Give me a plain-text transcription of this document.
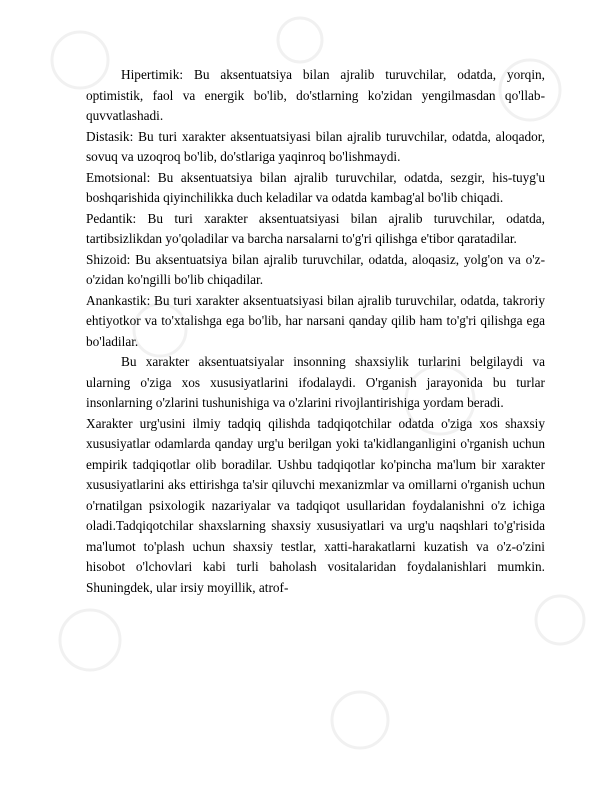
Hipertimik: Bu aksentuatsiya bilan ajralib turuvchilar, odatda, yorqin, optimistik, faol va energik bo'lib, do'stlarning ko'zidan yengilmasdan qo'llab-quvvatlashadi.

Distasik: Bu turi xarakter aksentuatsiyasi bilan ajralib turuvchilar, odatda, aloqador, sovuq va uzoqroq bo'lib, do'stlariga yaqinroq bo'lishmaydi.

Emotsional: Bu aksentuatsiya bilan ajralib turuvchilar, odatda, sezgir, his-tuyg'u boshqarishida qiyinchilikka duch keladilar va odatda kambag'al bo'lib chiqadi.

Pedantik: Bu turi xarakter aksentuatsiyasi bilan ajralib turuvchilar, odatda, tartibsizlikdan yo'qoladilar va barcha narsalarni to'g'ri qilishga e'tibor qaratadilar.

Shizoid: Bu aksentuatsiya bilan ajralib turuvchilar, odatda, aloqasiz, yolg'on va o'z-o'zidan ko'ngilli bo'lib chiqadilar.

Anankastik: Bu turi xarakter aksentuatsiyasi bilan ajralib turuvchilar, odatda, takroriy ehtiyotkor va to'xtalishga ega bo'lib, har narsani qanday qilib ham to'g'ri qilishga ega bo'ladilar.

Bu xarakter aksentuatsiyalar insonning shaxsiylik turlarini belgilaydi va ularning o'ziga xos xususiyatlarini ifodalaydi. O'rganish jarayonida bu turlar insonlarning o'zlarini tushunishiga va o'zlarini rivojlantirishiga yordam beradi.

Xarakter urg'usini ilmiy tadqiq qilishda tadqiqotchilar odatda o'ziga xos shaxsiy xususiyatlar odamlarda qanday urg'u berilgan yoki ta'kidlanganligini o'rganish uchun empirik tadqiqotlar olib boradilar. Ushbu tadqiqotlar ko'pincha ma'lum bir xarakter xususiyatlarini aks ettirishga ta'sir qiluvchi mexanizmlar va omillarni o'rganish uchun o'rnatilgan psixologik nazariyalar va tadqiqot usullaridan foydalanishni o'z ichiga oladi.Tadqiqotchilar shaxslarning shaxsiy xususiyatlari va urg'u naqshlari to'g'risida ma'lumot to'plash uchun shaxsiy testlar, xatti-harakatlarni kuzatish va o'z-o'zini hisobot o'lchovlari kabi turli baholash vositalaridan foydalanishlari mumkin. Shuningdek, ular irsiy moyillik, atrof-
